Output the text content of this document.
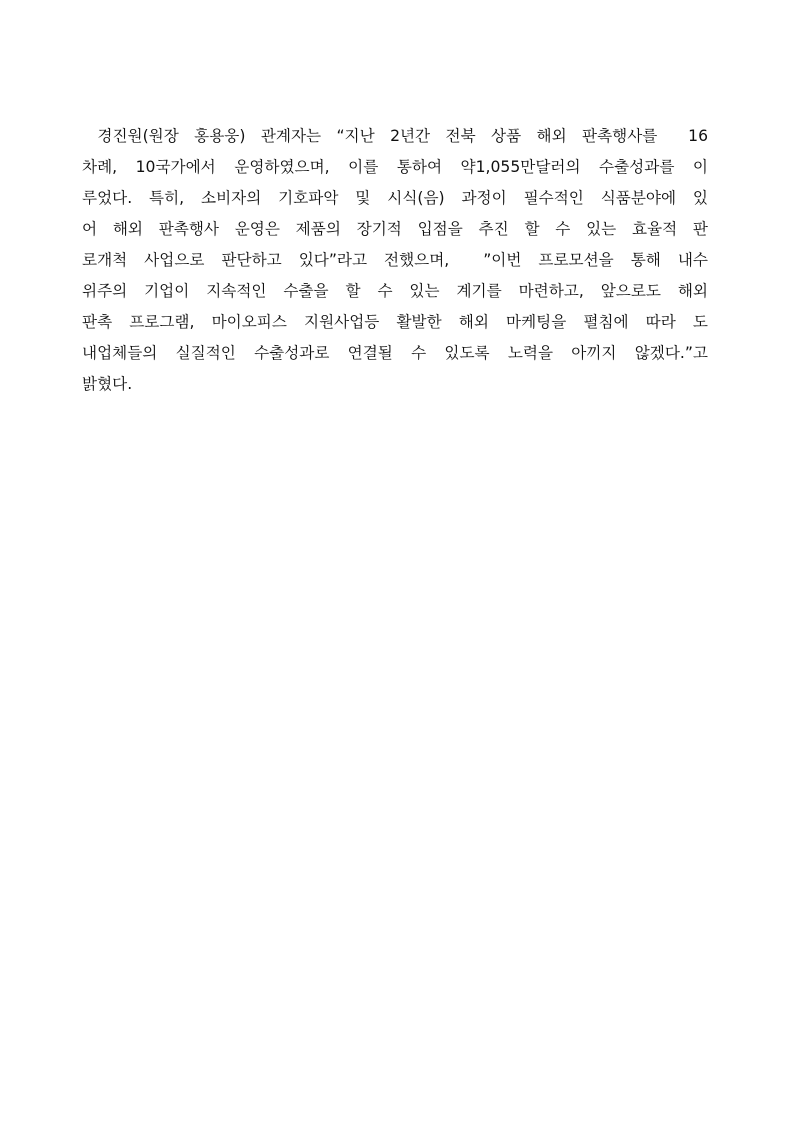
경진원(원장 홍용웅) 관계자는 “지난 2년간 전북 상품 해외 판촉행사를  16
차례, 10국가에서 운영하였으며, 이를 통하여 약1,055만달러의 수출성과를 이
루었다. 특히, 소비자의 기호파악 및 시식(음) 과정이 필수적인 식품분야에 있
어 해외 판촉행사 운영은 제품의 장기적 입점을 추진 할 수 있는 효율적 판
로개척 사업으로 판단하고 있다”라고 전했으며,  ”이번 프로모션을 통해 내수
위주의 기업이 지속적인 수출을 할 수 있는 계기를 마련하고, 앞으로도 해외
판촉 프로그램, 마이오피스 지원사업등 활발한 해외 마케팅을 펼침에 따라 도
내업체들의 실질적인 수출성과로 연결될 수 있도록 노력을 아끼지 않겠다.”고
밝혔다.
